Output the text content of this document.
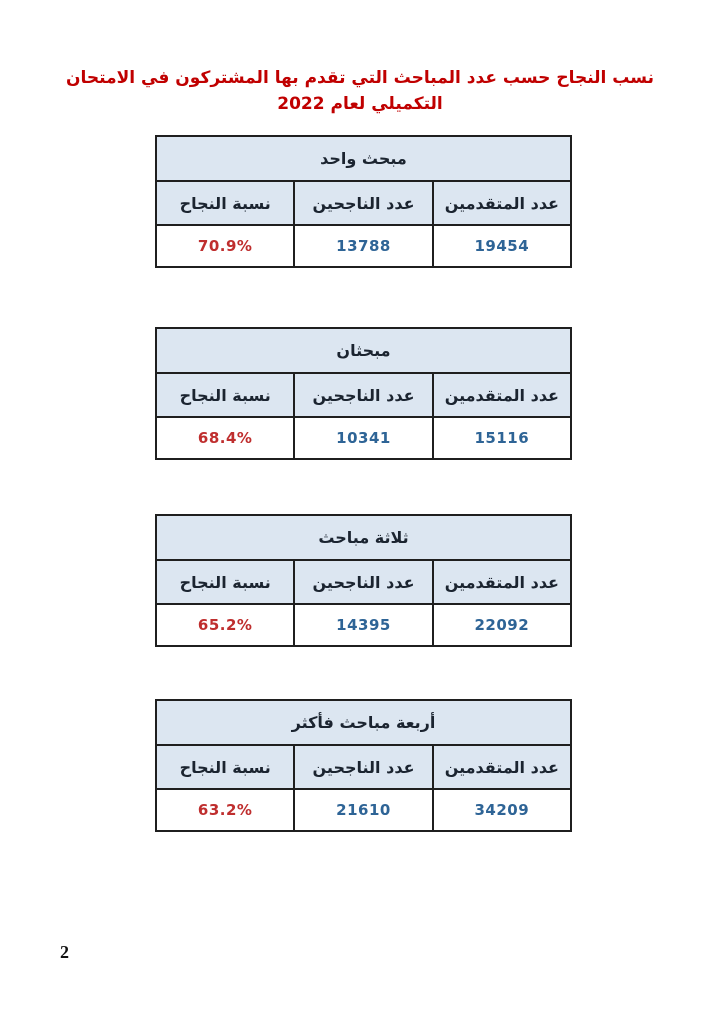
نسب النجاح حسب عدد المباحث التي تقدم بها المشتركون في الامتحان التكميلي لعام 2022
مبحث واحد		
عدد المتقدمين	عدد الناجحين	نسبة النجاح
19454	13788	70.9%
مبحثان		
عدد المتقدمين	عدد الناجحين	نسبة النجاح
15116	10341	68.4%
ثلاثة مباحث		
عدد المتقدمين	عدد الناجحين	نسبة النجاح
22092	14395	65.2%
أربعة مباحث فأكثر		
عدد المتقدمين	عدد الناجحين	نسبة النجاح
34209	21610	63.2%
2
